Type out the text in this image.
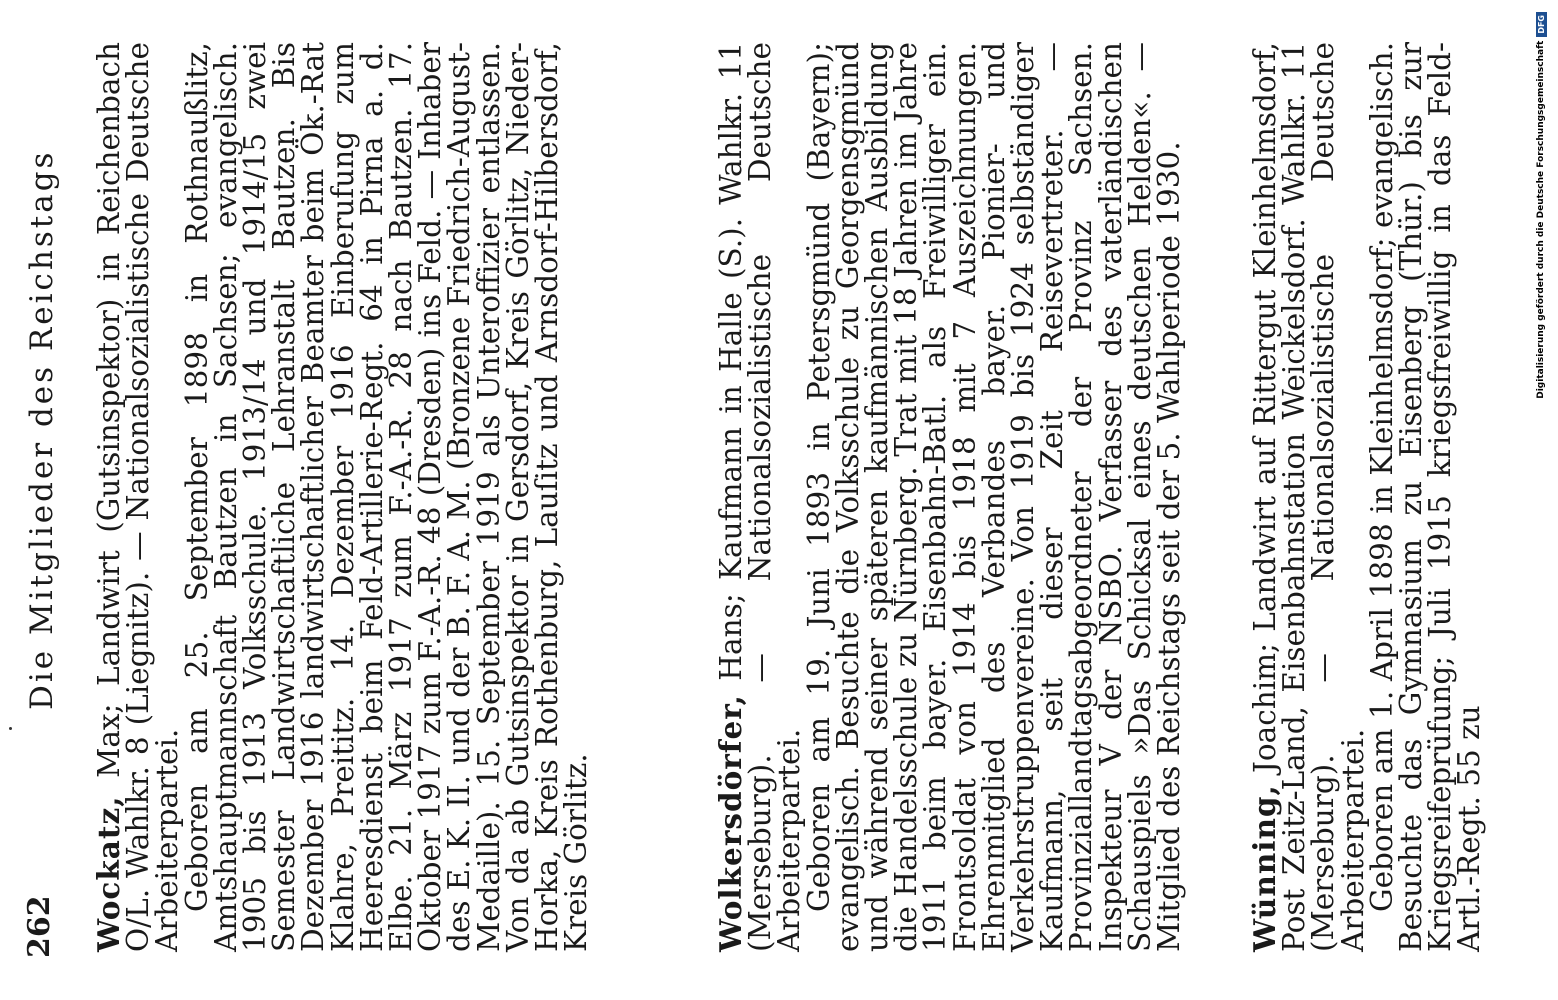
262
Die Mitglieder des Reichstags

Wockatz, Max; Landwirt (Gutsinspektor) in Reichenbach O/L. Wahlkr. 8 (Liegnitz). — Nationalsozialistische Deutsche Arbeiterpartei.

Geboren am 25. September 1898 in Rothnaußlitz, Amtshauptmannschaft Bautzen in Sachsen; evangelisch. 1905 bis 1913 Volksschule. 1913/14 und 1914/15 zwei Semester Landwirtschaftliche Lehranstalt Bautzen. Bis Dezember 1916 landwirtschaftlicher Beamter beim Ök.-Rat Klahre, Preititz. 14. Dezember 1916 Einberufung zum Heeresdienst beim Feld-Artillerie-Regt. 64 in Pirna a. d. Elbe. 21. März 1917 zum F.-A.-R. 28 nach Bautzen. 17. Oktober 1917 zum F.-A.-R. 48 (Dresden) ins Feld. — Inhaber des E. K. II. und der B. F. A. M. (Bronzene Friedrich-August-Medaille). 15. September 1919 als Unteroffizier entlassen. Von da ab Gutsinspektor in Gersdorf, Kreis Görlitz, Nieder-Horka, Kreis Rothenburg, Lauſitz und Arnsdorf-Hilbersdorf, Kreis Görlitz.	Wolkersdörfer, Hans; Kaufmann in Halle (S.). Wahlkr. 11 (Merseburg). — Nationalsozialistische Deutsche Arbeiterpartei.

Geboren am 19. Juni 1893 in Petersgmünd (Bayern); evangelisch. Besuchte die Volksschule zu Georgensgmünd und während seiner späteren kaufmännischen Ausbildung die Handelsschule zu Nürnberg. Trat mit 18 Jahren im Jahre 1911 beim bayer. Eisenbahn-Batl. als Freiwilliger ein. Frontsoldat von 1914 bis 1918 mit 7 Auszeichnungen. Ehrenmitglied des Verbandes bayer. Pionier- und Verkehrstruppenvereine. Von 1919 bis 1924 selbständiger Kaufmann, seit dieser Zeit Reisevertreter. — Provinziallandtagsabgeordneter der Provinz Sachsen. Inspekteur V der NSBO. Verfasser des vaterländischen Schauspiels »Das Schicksal eines deutschen Helden«. — Mitglied des Reichstags seit der 5. Wahlperiode 1930. Wünning, Joachim; Landwirt auf Rittergut Kleinhelmsdorf, Post Zeitz-Land, Eisenbahnstation Weickelsdorf. Wahlkr. 11 (Merseburg). — Nationalsozialistische Deutsche Arbeiterpartei.

Geboren am 1. April 1898 in Kleinhelmsdorf; evangelisch. Besuchte das Gymnasium zu Eisenberg (Thür.) bis zur Kriegsreifeprüfung; Juli 1915 kriegsfreiwillig in das Feld-Artl.-Regt. 55 zu

Digitalisierung gefördert durch die Deutsche Forschungsgemeinschaft
DFG
